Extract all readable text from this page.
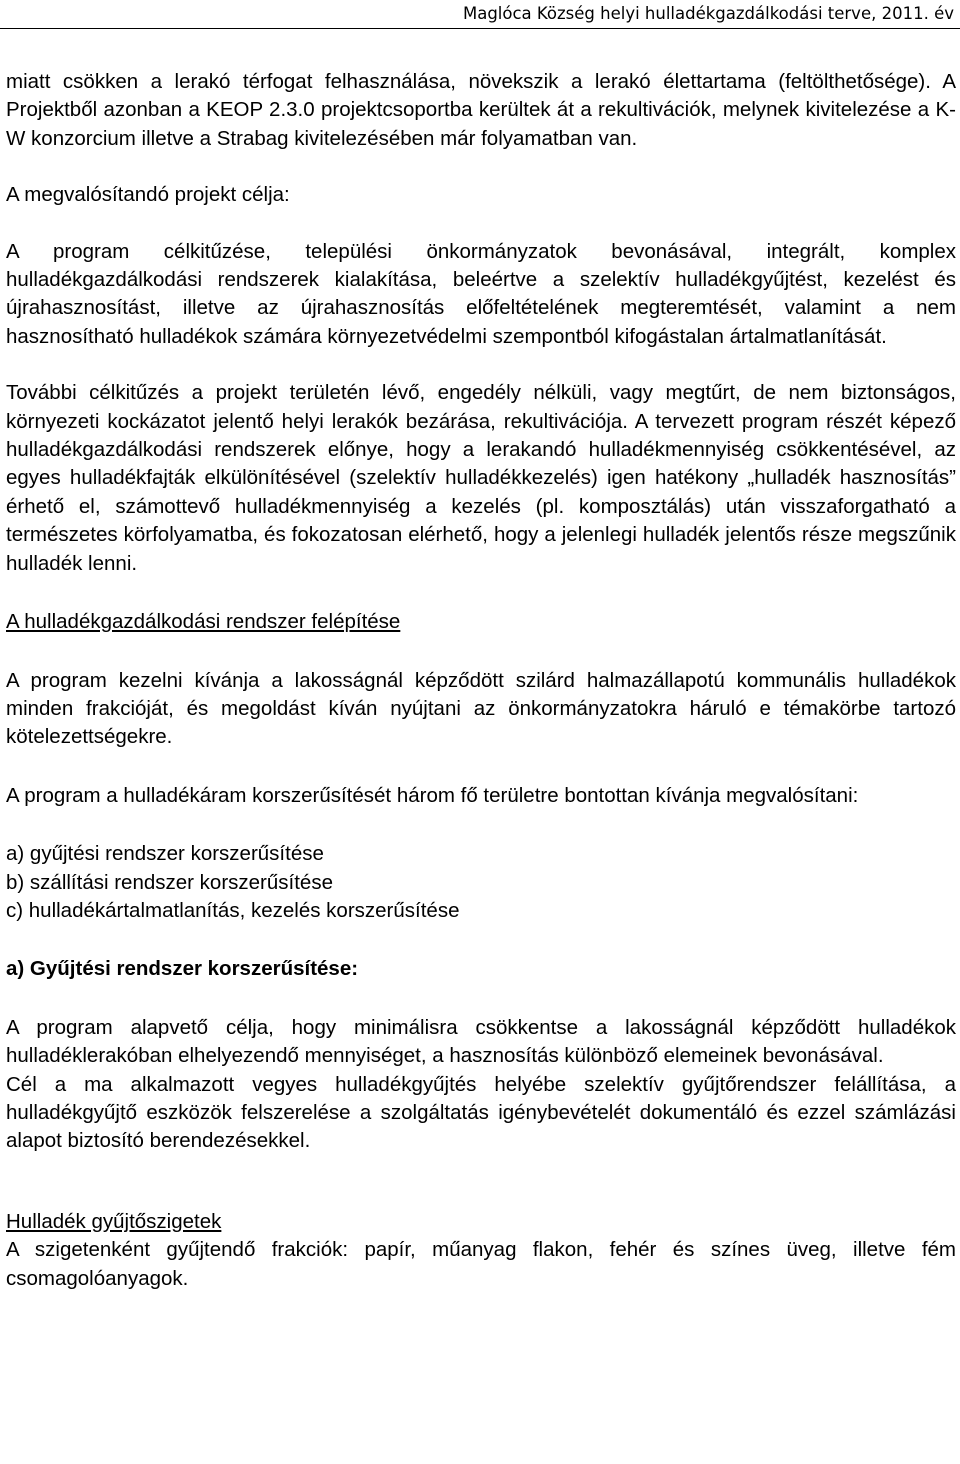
Maglóca Község helyi hulladékgazdálkodási terve, 2011. év

miatt csökken a lerakó térfogat felhasználása, növekszik a lerakó élettartama (feltölthetősége). A Projektből azonban a KEOP 2.3.0 projektcsoportba kerültek át a rekultivációk, melynek kivitelezése a K-W konzorcium illetve a Strabag kivitelezésében már folyamatban van.

A megvalósítandó projekt célja:

A program célkitűzése, települési önkormányzatok bevonásával, integrált, komplex hulladékgazdálkodási rendszerek kialakítása, beleértve a szelektív hulladékgyűjtést, kezelést és újrahasznosítást, illetve az újrahasznosítás előfeltételének megteremtését, valamint a nem hasznosítható hulladékok számára környezetvédelmi szempontból kifogástalan ártalmatlanítását.

További célkitűzés a projekt területén lévő, engedély nélküli, vagy megtűrt, de nem biztonságos, környezeti kockázatot jelentő helyi lerakók bezárása, rekultivációja. A tervezett program részét képező hulladékgazdálkodási rendszerek előnye, hogy a lerakandó hulladékmennyiség csökkentésével, az egyes hulladékfajták elkülönítésével (szelektív hulladékkezelés) igen hatékony „hulladék hasznosítás” érhető el, számottevő hulladékmennyiség a kezelés (pl. komposztálás) után visszaforgatható a természetes körfolyamatba, és fokozatosan elérhető, hogy a jelenlegi hulladék jelentős része megszűnik hulladék lenni.

A hulladékgazdálkodási rendszer felépítése

A program kezelni kívánja a lakosságnál képződött szilárd halmazállapotú kommunális hulladékok minden frakcióját, és megoldást kíván nyújtani az önkormányzatokra háruló e témakörbe tartozó kötelezettségekre.

A program a hulladékáram korszerűsítését három fő területre bontottan kívánja megvalósítani:

a) gyűjtési rendszer korszerűsítése

b) szállítási rendszer korszerűsítése

c) hulladékártalmatlanítás, kezelés korszerűsítése

a) Gyűjtési rendszer korszerűsítése:

A program alapvető célja, hogy minimálisra csökkentse a lakosságnál képződött hulladékok hulladéklerakóban elhelyezendő mennyiséget, a hasznosítás különböző elemeinek bevonásával.

Cél a ma alkalmazott vegyes hulladékgyűjtés helyébe szelektív gyűjtőrendszer felállítása, a hulladékgyűjtő eszközök felszerelése a szolgáltatás igénybevételét dokumentáló és ezzel számlázási alapot biztosító berendezésekkel.

Hulladék gyűjtőszigetek

A szigetenként gyűjtendő frakciók: papír, műanyag flakon, fehér és színes üveg, illetve fém csomagolóanyagok.
